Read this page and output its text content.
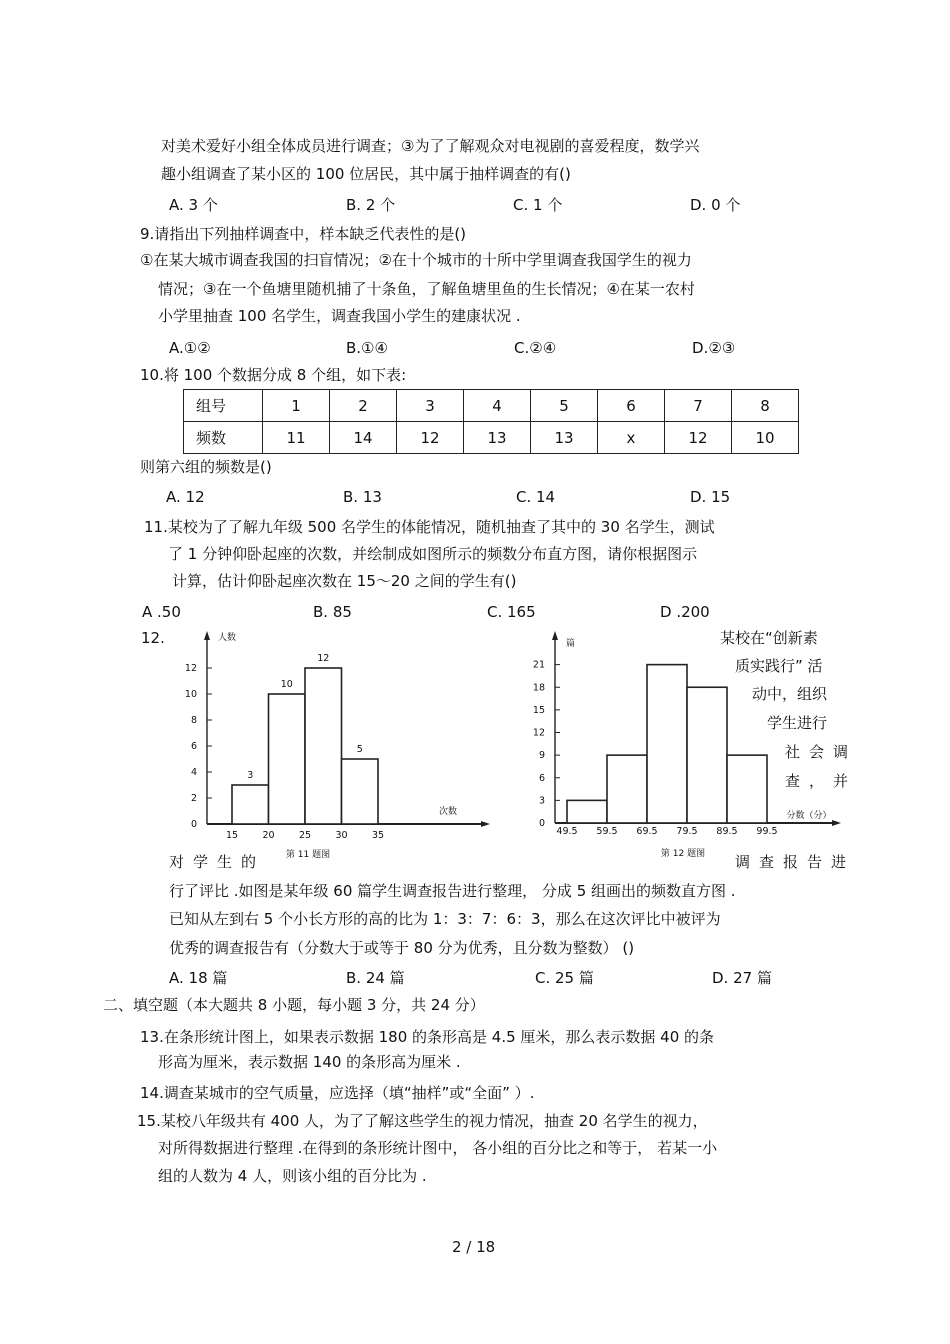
对美术爱好小组全体成员进行调查；③为了了解观众对电视剧的喜爱程度，数学兴
趣小组调查了某小区的 100 位居民，其中属于抽样调查的有()
A. 3 个	B. 2 个	C. 1 个	D. 0 个
9.请指出下列抽样调查中，样本缺乏代表性的是()
①在某大城市调查我国的扫盲情况；②在十个城市的十所中学里调查我国学生的视力
情况；③在一个鱼塘里随机捕了十条鱼，了解鱼塘里鱼的生长情况；④在某一农村
小学里抽查 100 名学生，调查我国小学生的建康状况 .
A.①②	B.①④	C.②④	D.②③
10.将 100 个数据分成 8 个组，如下表:
组号	1	2	3	4	5	6	7	8
频数	11	14	12	13	13	x	12	10
则第六组的频数是()
A. 12	B. 13	C. 14	D. 15
11.某校为了了解九年级 500 名学生的体能情况，随机抽查了其中的 30 名学生，测试
了 1 分钟仰卧起座的次数，并绘制成如图所示的频数分布直方图，请你根据图示
计算，估计仰卧起座次数在 15～20 之间的学生有()
A .50	B. 85	C. 165	D .200
12.
0
2
4
6
8
10
12
3
10
12
5
15	20	25	30	35
人数
次数
第 11 题图
0
3
6
9
12
15
18
21
49.5 59.5 69.5 79.5 89.5 99.5
篇
分数（分）
第 12 题图
某校在“创新素
质实践行” 活
动中，组织
学生进行
社会调
查，并
对学生的	调查报告进
行了评比 .如图是某年级 60 篇学生调查报告进行整理， 分成 5 组画出的频数直方图 .
已知从左到右 5 个小长方形的高的比为 1：3：7：6：3，那么在这次评比中被评为
优秀的调查报告有（分数大于或等于 80 分为优秀，且分数为整数） ()
A. 18 篇	B. 24 篇	C. 25 篇	D. 27 篇
二、填空题（本大题共 8 小题，每小题 3 分，共 24 分）
13.在条形统计图上，如果表示数据 180 的条形高是 4.5 厘米，那么表示数据 40 的条
形高为厘米，表示数据 140 的条形高为厘米 .
14.调查某城市的空气质量，应选择（填“抽样”或“全面” ）.
15.某校八年级共有 400 人，为了了解这些学生的视力情况，抽查 20 名学生的视力，
对所得数据进行整理 .在得到的条形统计图中， 各小组的百分比之和等于， 若某一小
组的人数为 4 人，则该小组的百分比为 .
2 / 18
